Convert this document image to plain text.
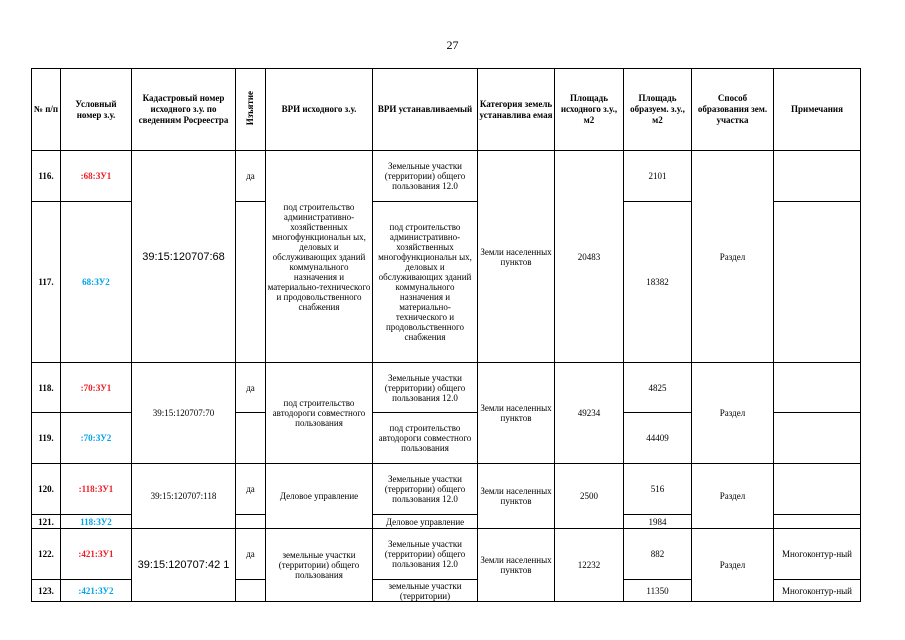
27
№ п/п	Условный номер з.у.	Кадастровый номер исходного з.у. по сведениям Росреестра	Изъятие	ВРИ исходного з.у.	ВРИ устанавливаемый	Категория земель устанавлива емая	Площадь исходного з.у., м2	Площадь образуем. з.у., м2	Способ образования зем. участка	Примечания
116.	:68:ЗУ1	39:15:120707:68	да	под строительство административно-хозяйственных многофункциональн ых, деловых и обслуживающих зданий коммунального назначения и материально-технического и продовольственного снабжения	Земельные участки (территории) общего пользования 12.0	Земли населенных пунктов	20483	2101	Раздел	
117.	68:ЗУ2				под строительство административно-хозяйственных многофункциональн ых, деловых и обслуживающих зданий коммунального назначения и материально-технического и продовольственного снабжения			18382		
118.	:70:ЗУ1	39:15:120707:70	да	под строительство автодороги совместного пользования	Земельные участки (территории) общего пользования 12.0	Земли населенных пунктов	49234	4825	Раздел	
119.	:70:ЗУ2				под строительство автодороги совместного пользования			44409		
120.	:118:ЗУ1	39:15:120707:118	да	Деловое управление	Земельные участки (территории) общего пользования 12.0	Земли населенных пунктов	2500	516	Раздел	
121.	118:ЗУ2				Деловое управление			1984		
122.	:421:ЗУ1	39:15:120707:42 1	да	земельные участки (территории) общего пользования	Земельные участки (территории) общего пользования 12.0	Земли населенных пунктов	12232	882	Раздел	Многоконтур-ный
123.	:421:ЗУ2				земельные участки (территории)			11350		Многоконтур-ный
